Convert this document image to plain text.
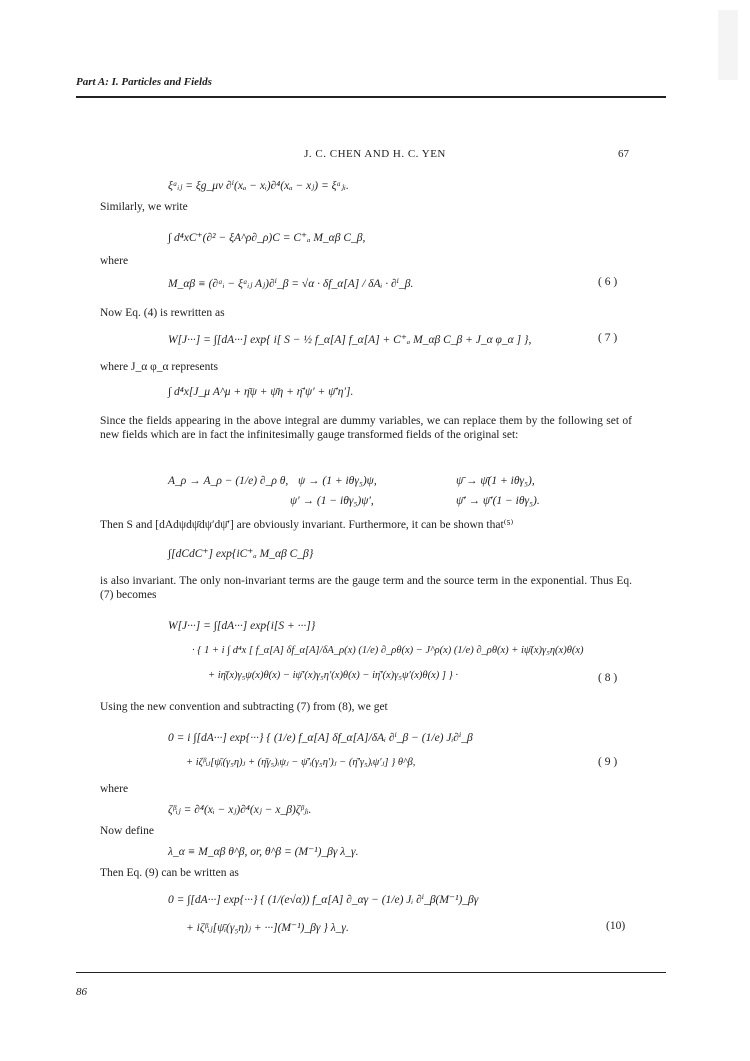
Part A: I. Particles and Fields
J. C. CHEN AND H. C. YEN	67
ξᵃᵢⱼ = ξg_μν ∂ⁱ(xₐ − xᵢ)∂⁴(xₐ − xⱼ) = ξᵃⱼᵢ.
Similarly, we write
∫ d⁴xC⁺(∂² − ξA^ρ∂_ρ)C = C⁺ₐ M_αβ C_β,
where
M_αβ ≡ (∂ᵃᵢ − ξᵃᵢⱼ Aⱼ)∂ⁱ_β = √α · δf_α[A] / δAᵢ · ∂ⁱ_β.	( 6 )
Now Eq. (4) is rewritten as
W[J···] = ∫[dA···] exp{ i[ S − ½ f_α[A] f_α[A] + C⁺ₐ M_αβ C_β + J_α φ_α ] },	( 7 )
where J_α φ_α represents
∫ d⁴x[J_μ A^μ + η̄ψ + ψ̄η + η̄′ψ′ + ψ̄′η′].
Since the fields appearing in the above integral are dummy variables, we can replace them by the following set of new fields which are in fact the infinitesimally gauge transformed fields of the original set:
A_ρ → A_ρ − (1/e) ∂_ρ θ, ψ → (1 + iθγ₅)ψ,	ψ̄ → ψ̄(1 + iθγ₅),
ψ′ → (1 − iθγ₅)ψ′,	ψ̄′ → ψ̄′(1 − iθγ₅).
Then S and [dAdψdψ̄dψ′dψ̄′] are obviously invariant. Furthermore, it can be shown that⁽⁵⁾
∫[dCdC⁺] exp{iC⁺ₐ M_αβ C_β}
is also invariant. The only non-invariant terms are the gauge term and the source term in the exponential. Thus Eq. (7) becomes
W[J···] = ∫[dA···] exp{i[S + ···]}
· { 1 + i ∫ d⁴x [ f_α[A] δf_α[A]/δA_ρ(x) (1/e) ∂_ρθ(x) − J^ρ(x) (1/e) ∂_ρθ(x) + iψ̄(x)γ₅η(x)θ(x)
+ iη̄(x)γ₅ψ(x)θ(x) − iψ̄′(x)γ₅η′(x)θ(x) − iη̄′(x)γ₅ψ′(x)θ(x) ] } ·	( 8 )
Using the new convention and subtracting (7) from (8), we get
0 = i ∫[dA···] exp{···} { (1/e) f_α[A] δf_α[A]/δAᵢ ∂ⁱ_β − (1/e) Jᵢ∂ⁱ_β
+ iζᵝᵢⱼ[ψ̄ᵢ(γ₅η)ⱼ + (η̄γ₅)ᵢψⱼ − ψ̄′ᵢ(γ₅η′)ⱼ − (η̄′γ₅)ᵢψ′ⱼ] } θ^β,	( 9 )
where
ζᵝᵢⱼ = ∂⁴(xᵢ − xⱼ)∂⁴(xⱼ − x_β)ζᵝⱼᵢ.
Now define
λ_α ≡ M_αβ θ^β, or, θ^β = (M⁻¹)_βγ λ_γ.
Then Eq. (9) can be written as
0 = ∫[dA···] exp{···} { (1/(e√α)) f_α[A] ∂_αγ − (1/e) Jᵢ ∂ⁱ_β(M⁻¹)_βγ
+ iζᵝᵢⱼ[ψ̄ᵢ(γ₅η)ⱼ + ···](M⁻¹)_βγ } λ_γ.	(10)
86
